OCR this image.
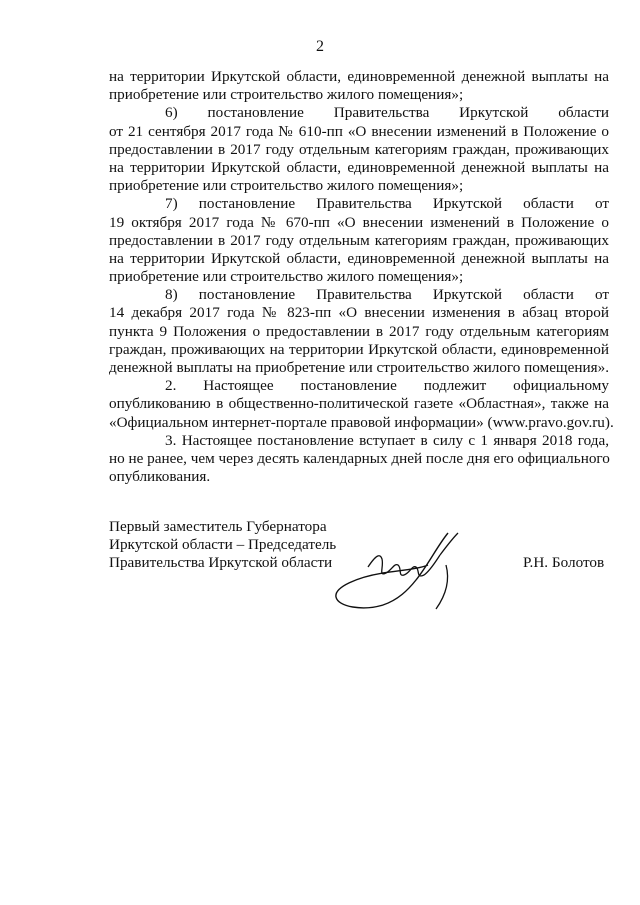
2
на территории Иркутской области, единовременной денежной выплаты на
приобретение или строительство жилого помещения»;
6) постановление Правительства Иркутской области
от 21 сентября 2017 года № 610-пп «О внесении изменений в Положение о
предоставлении в 2017 году отдельным категориям граждан, проживающих
на территории Иркутской области, единовременной денежной выплаты на
приобретение или строительство жилого помещения»;
7) постановление Правительства Иркутской области от
19 октября 2017 года № 670-пп «О внесении изменений в Положение о
предоставлении в 2017 году отдельным категориям граждан, проживающих
на территории Иркутской области, единовременной денежной выплаты на
приобретение или строительство жилого помещения»;
8) постановление Правительства Иркутской области от
14 декабря 2017 года № 823-пп «О внесении изменения в абзац второй
пункта 9 Положения о предоставлении в 2017 году отдельным категориям
граждан, проживающих на территории Иркутской области, единовременной
денежной выплаты на приобретение или строительство жилого помещения».
2. Настоящее постановление подлежит официальному
опубликованию в общественно-политической газете «Областная», также на
«Официальном интернет-портале правовой информации» (www.pravo.gov.ru).
3. Настоящее постановление вступает в силу с 1 января 2018 года,
но не ранее, чем через десять календарных дней после дня его официального
опубликования.
Первый заместитель Губернатора
Иркутской области – Председатель
Правительства Иркутской области	Р.Н. Болотов
